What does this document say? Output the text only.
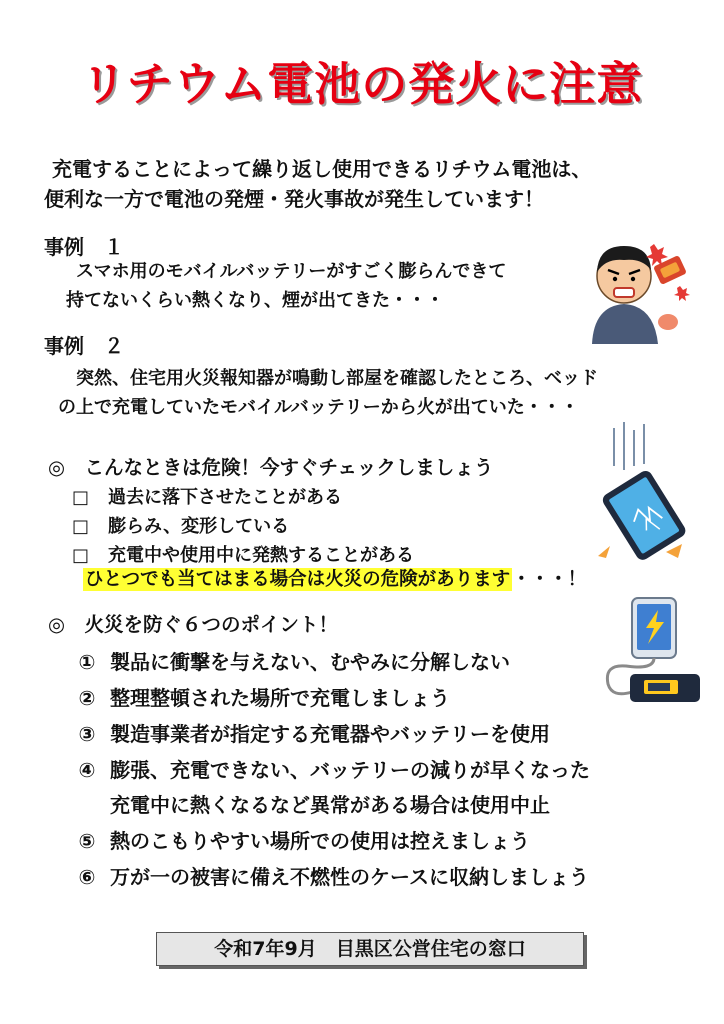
リチウム電池の発火に注意
充電することによって繰り返し使用できるリチウム電池は、
便利な一方で電池の発煙・発火事故が発生しています！
事例　１
スマホ用のモバイルバッテリーがすごく膨らんできて
持てないくらい熱くなり、煙が出てきた・・・
事例　２
突然、住宅用火災報知器が鳴動し部屋を確認したところ、ベッド
の上で充電していたモバイルバッテリーから火が出ていた・・・
◎　こんなときは危険！今すぐチェックしましょう
□ 過去に落下させたことがある
□ 膨らみ、変形している
□ 充電中や使用中に発熱することがある
ひとつでも当てはまる場合は火災の危険があります ・・・！
◎　火災を防ぐ６つのポイント！
① 製品に衝撃を与えない、むやみに分解しない
② 整理整頓された場所で充電しましょう
③ 製造事業者が指定する充電器やバッテリーを使用
④ 膨張、充電できない、バッテリーの減りが早くなった
充電中に熱くなるなど異常がある場合は使用中止
⑤ 熱のこもりやすい場所での使用は控えましょう
⑥ 万が一の被害に備え不燃性のケースに収納しましょう
令和7年9月　目黒区公営住宅の窓口
